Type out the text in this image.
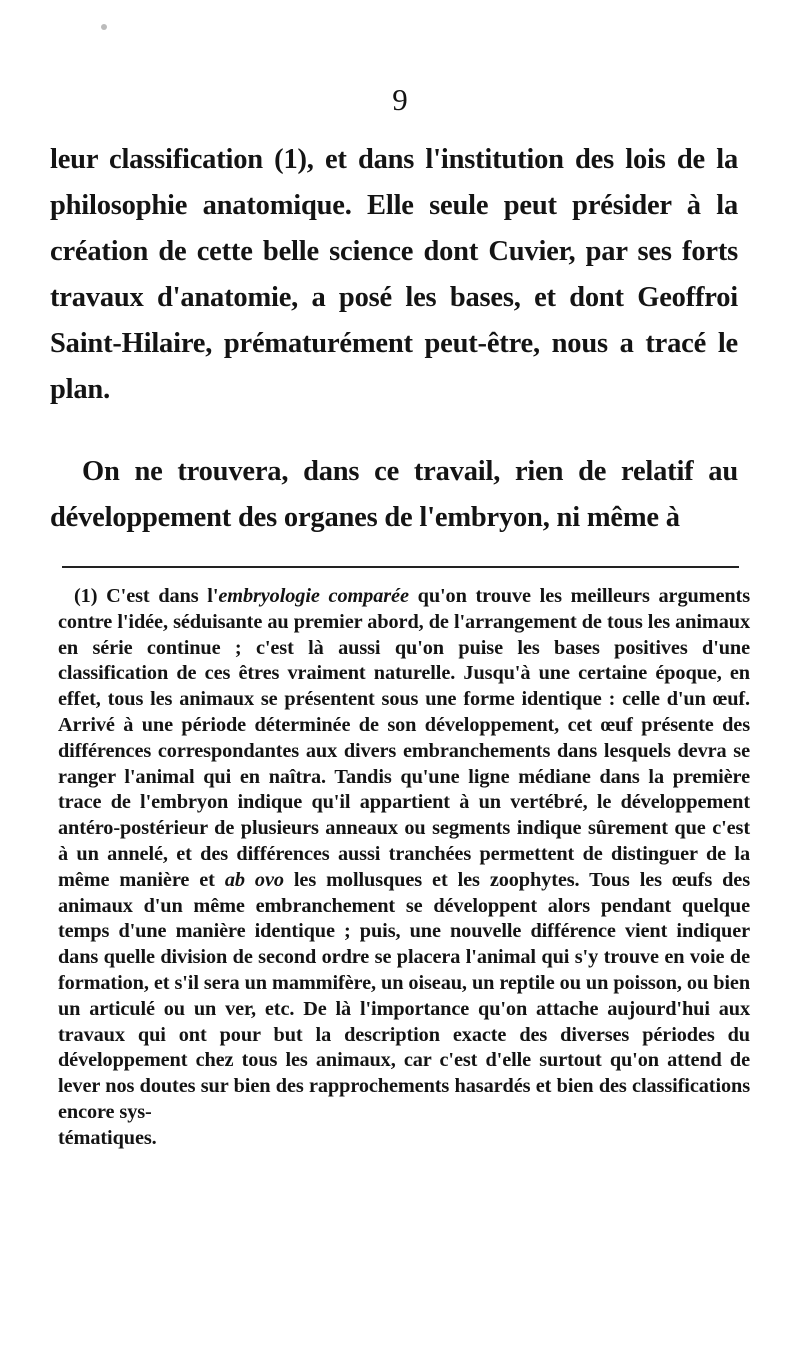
9

leur classification (1), et dans l'institution des lois de la philosophie anatomique. Elle seule peut présider à la création de cette belle science dont Cuvier, par ses forts travaux d'anatomie, a posé les bases, et dont Geoffroi Saint-Hilaire, prématurément peut-être, nous a tracé le plan.

On ne trouvera, dans ce travail, rien de relatif au développement des organes de l'embryon, ni même à

(1) C'est dans l'embryologie comparée qu'on trouve les meilleurs arguments contre l'idée, séduisante au premier abord, de l'arrangement de tous les animaux en série continue ; c'est là aussi qu'on puise les bases positives d'une classification de ces êtres vraiment naturelle. Jusqu'à une certaine époque, en effet, tous les animaux se présentent sous une forme identique : celle d'un œuf. Arrivé à une période déterminée de son développement, cet œuf présente des différences correspondantes aux divers embranchements dans lesquels devra se ranger l'animal qui en naîtra. Tandis qu'une ligne médiane dans la première trace de l'embryon indique qu'il appartient à un vertébré, le développement antéro-postérieur de plusieurs anneaux ou segments indique sûrement que c'est à un annelé, et des différences aussi tranchées permettent de distinguer de la même manière et ab ovo les mollusques et les zoophytes. Tous les œufs des animaux d'un même embranchement se développent alors pendant quelque temps d'une manière identique ; puis, une nouvelle différence vient indiquer dans quelle division de second ordre se placera l'animal qui s'y trouve en voie de formation, et s'il sera un mammifère, un oiseau, un reptile ou un poisson, ou bien un articulé ou un ver, etc. De là l'importance qu'on attache aujourd'hui aux travaux qui ont pour but la description exacte des diverses périodes du développement chez tous les animaux, car c'est d'elle surtout qu'on attend de lever nos doutes sur bien des rapprochements hasardés et bien des classifications encore sys-

tématiques.
